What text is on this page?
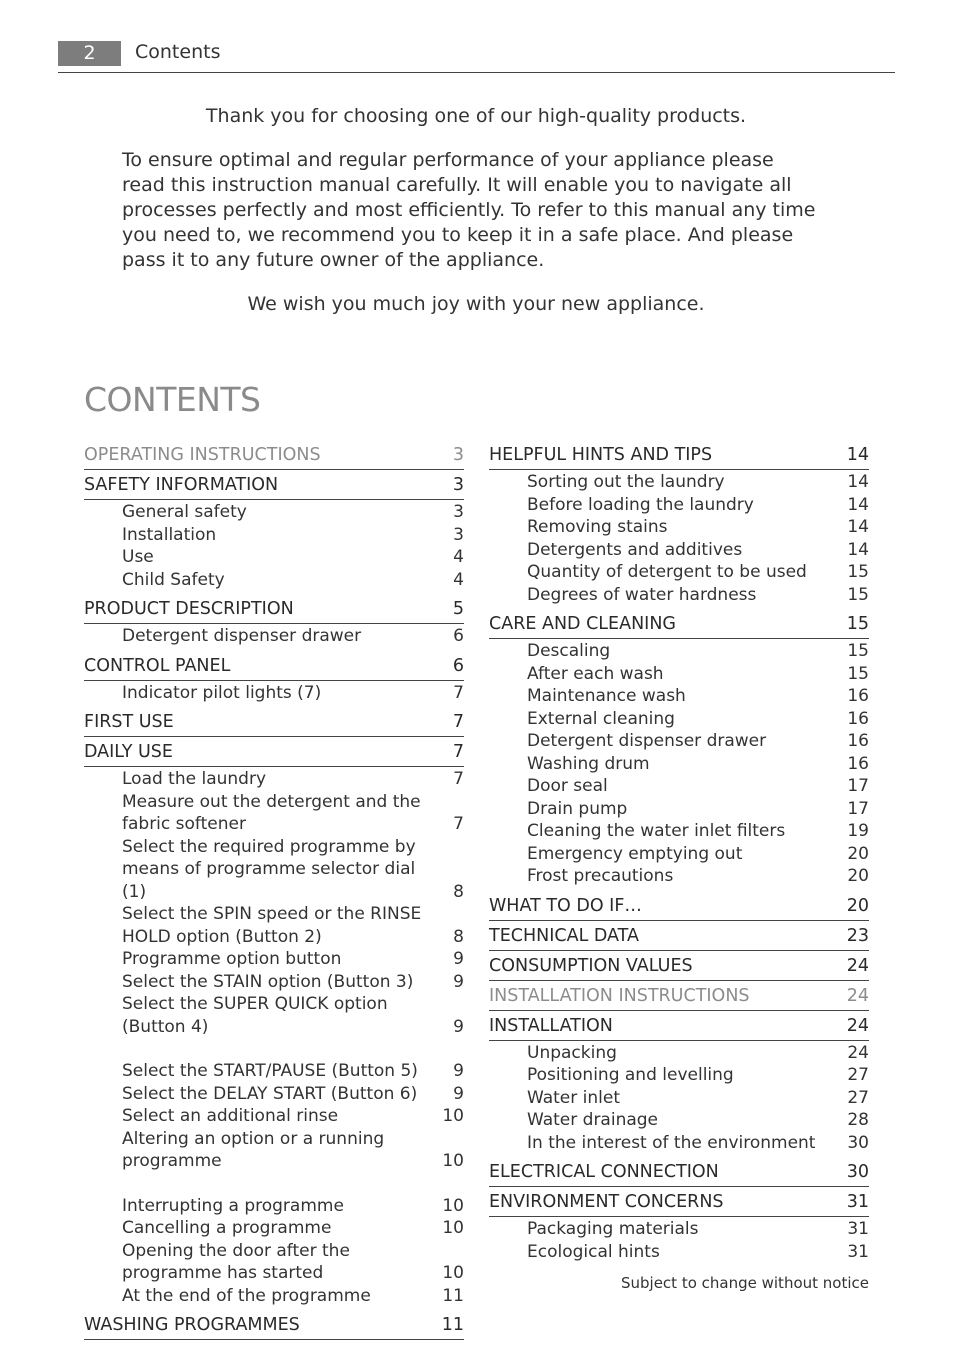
2	Contents
Thank you for choosing one of our high-quality products.
To ensure optimal and regular performance of your appliance please read this instruction manual carefully. It will enable you to navigate all processes perfectly and most efficiently. To refer to this manual any time you need to, we recommend you to keep it in a safe place. And please pass it to any future owner of the appliance.
We wish you much joy with your new appliance.
CONTENTS
OPERATING INSTRUCTIONS	3
SAFETY INFORMATION	3
General safety	3
Installation	3
Use	4
Child Safety	4
PRODUCT DESCRIPTION	5
Detergent dispenser drawer	6
CONTROL PANEL	6
Indicator pilot lights (7)	7
FIRST USE	7
DAILY USE	7
Load the laundry	7
Measure out the detergent and the fabric softener	7
Select the required programme by means of programme selector dial (1)	8
Select the SPIN speed or the RINSE HOLD option (Button 2)	8
Programme option button	9
Select the STAIN option (Button 3)	9
Select the SUPER QUICK option (Button 4)	9
Select the START/PAUSE (Button 5)	9
Select the DELAY START (Button 6)	9
Select an additional rinse	10
Altering an option or a running programme	10
Interrupting a programme	10
Cancelling a programme	10
Opening the door after the programme has started	10
At the end of the programme	11
WASHING PROGRAMMES	11
HELPFUL HINTS AND TIPS	14
Sorting out the laundry	14
Before loading the laundry	14
Removing stains	14
Detergents and additives	14
Quantity of detergent to be used	15
Degrees of water hardness	15
CARE AND CLEANING	15
Descaling	15
After each wash	15
Maintenance wash	16
External cleaning	16
Detergent dispenser drawer	16
Washing drum	16
Door seal	17
Drain pump	17
Cleaning the water inlet filters	19
Emergency emptying out	20
Frost precautions	20
WHAT TO DO IF…	20
TECHNICAL DATA	23
CONSUMPTION VALUES	24
INSTALLATION INSTRUCTIONS	24
INSTALLATION	24
Unpacking	24
Positioning and levelling	27
Water inlet	27
Water drainage	28
In the interest of the environment	30
ELECTRICAL CONNECTION	30
ENVIRONMENT CONCERNS	31
Packaging materials	31
Ecological hints	31
Subject to change without notice
